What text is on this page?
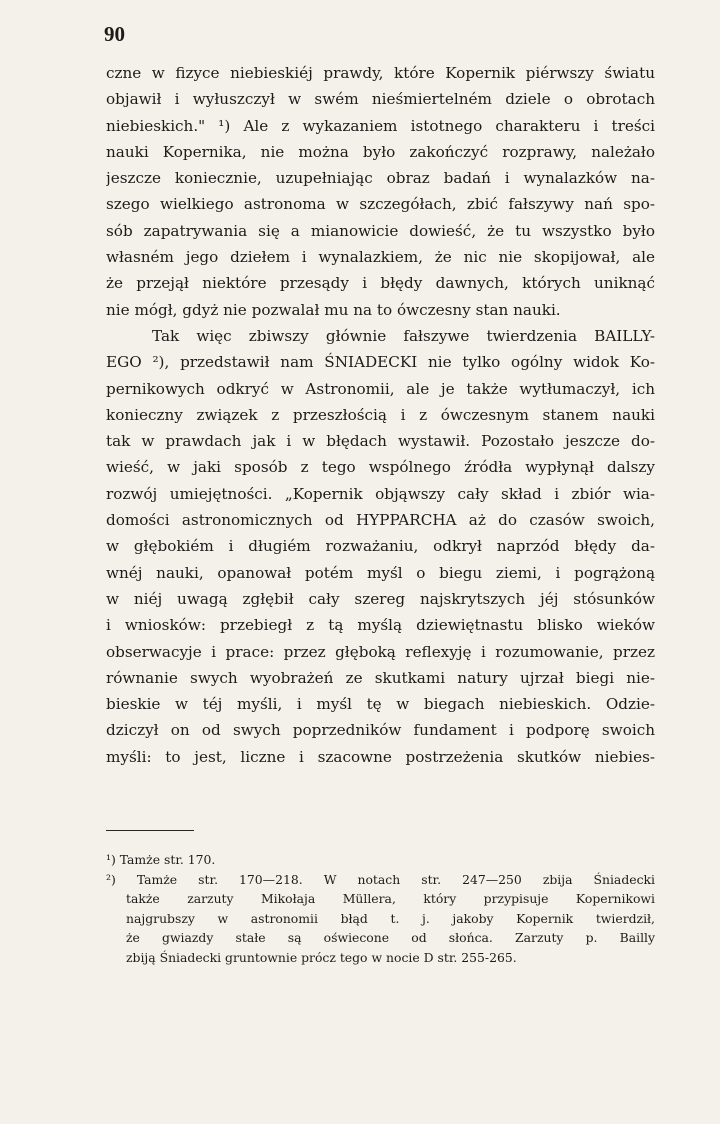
90
czne w fizyce niebieskiéj prawdy, które Kopernik piérwszy światu
objawił i wyłuszczył w swém nieśmiertelném dziele o obrotach
niebieskich." ¹) Ale z wykazaniem istotnego charakteru i treści
nauki Kopernika, nie można było zakończyć rozprawy, należało
jeszcze koniecznie, uzupełniając obraz badań i wynalazków na-
szego wielkiego astronoma w szczegółach, zbić fałszywy nań spo-
sób zapatrywania się a mianowicie dowieść, że tu wszystko było
własném jego dziełem i wynalazkiem, że nic nie skopijował, ale
że przejął niektóre przesądy i błędy dawnych, których uniknąć
nie mógł, gdyż nie pozwalał mu na to ówczesny stan nauki.
Tak więc zbiwszy głównie fałszywe twierdzenia BAILLY-
EGO ²), przedstawił nam ŚNIADECKI nie tylko ogólny widok Ko-
pernikowych odkryć w Astronomii, ale je także wytłumaczył, ich
konieczny związek z przeszłością i z ówczesnym stanem nauki
tak w prawdach jak i w błędach wystawił. Pozostało jeszcze do-
wieść, w jaki sposób z tego wspólnego źródła wypłynął dalszy
rozwój umiejętności. „Kopernik objąwszy cały skład i zbiór wia-
domości astronomicznych od HYPPARCHA aż do czasów swoich,
w głębokiém i długiém rozważaniu, odkrył naprzód błędy da-
wnéj nauki, opanował potém myśl o biegu ziemi, i pogrążoną
w niéj uwagą zgłębił cały szereg najskrytszych jéj stósunków
i wniosków: przebiegł z tą myślą dziewiętnastu blisko wieków
obserwacyje i prace: przez głęboką reflexyję i rozumowanie, przez
równanie swych wyobrażeń ze skutkami natury ujrzał biegi nie-
bieskie w téj myśli, i myśl tę w biegach niebieskich. Odzie-
dziczył on od swych poprzedników fundament i podporę swoich
myśli: to jest, liczne i szacowne postrzeżenia skutków niebies-
¹) Tamże str. 170.
²) Tamże str. 170—218. W notach str. 247—250 zbija Śniadecki
także zarzuty Mikołaja Müllera, który przypisuje Kopernikowi
najgrubszy w astronomii błąd t. j. jakoby Kopernik twierdził,
że gwiazdy stałe są oświecone od słońca. Zarzuty p. Bailly
zbiją Śniadecki gruntownie prócz tego w nocie D str. 255-265.
